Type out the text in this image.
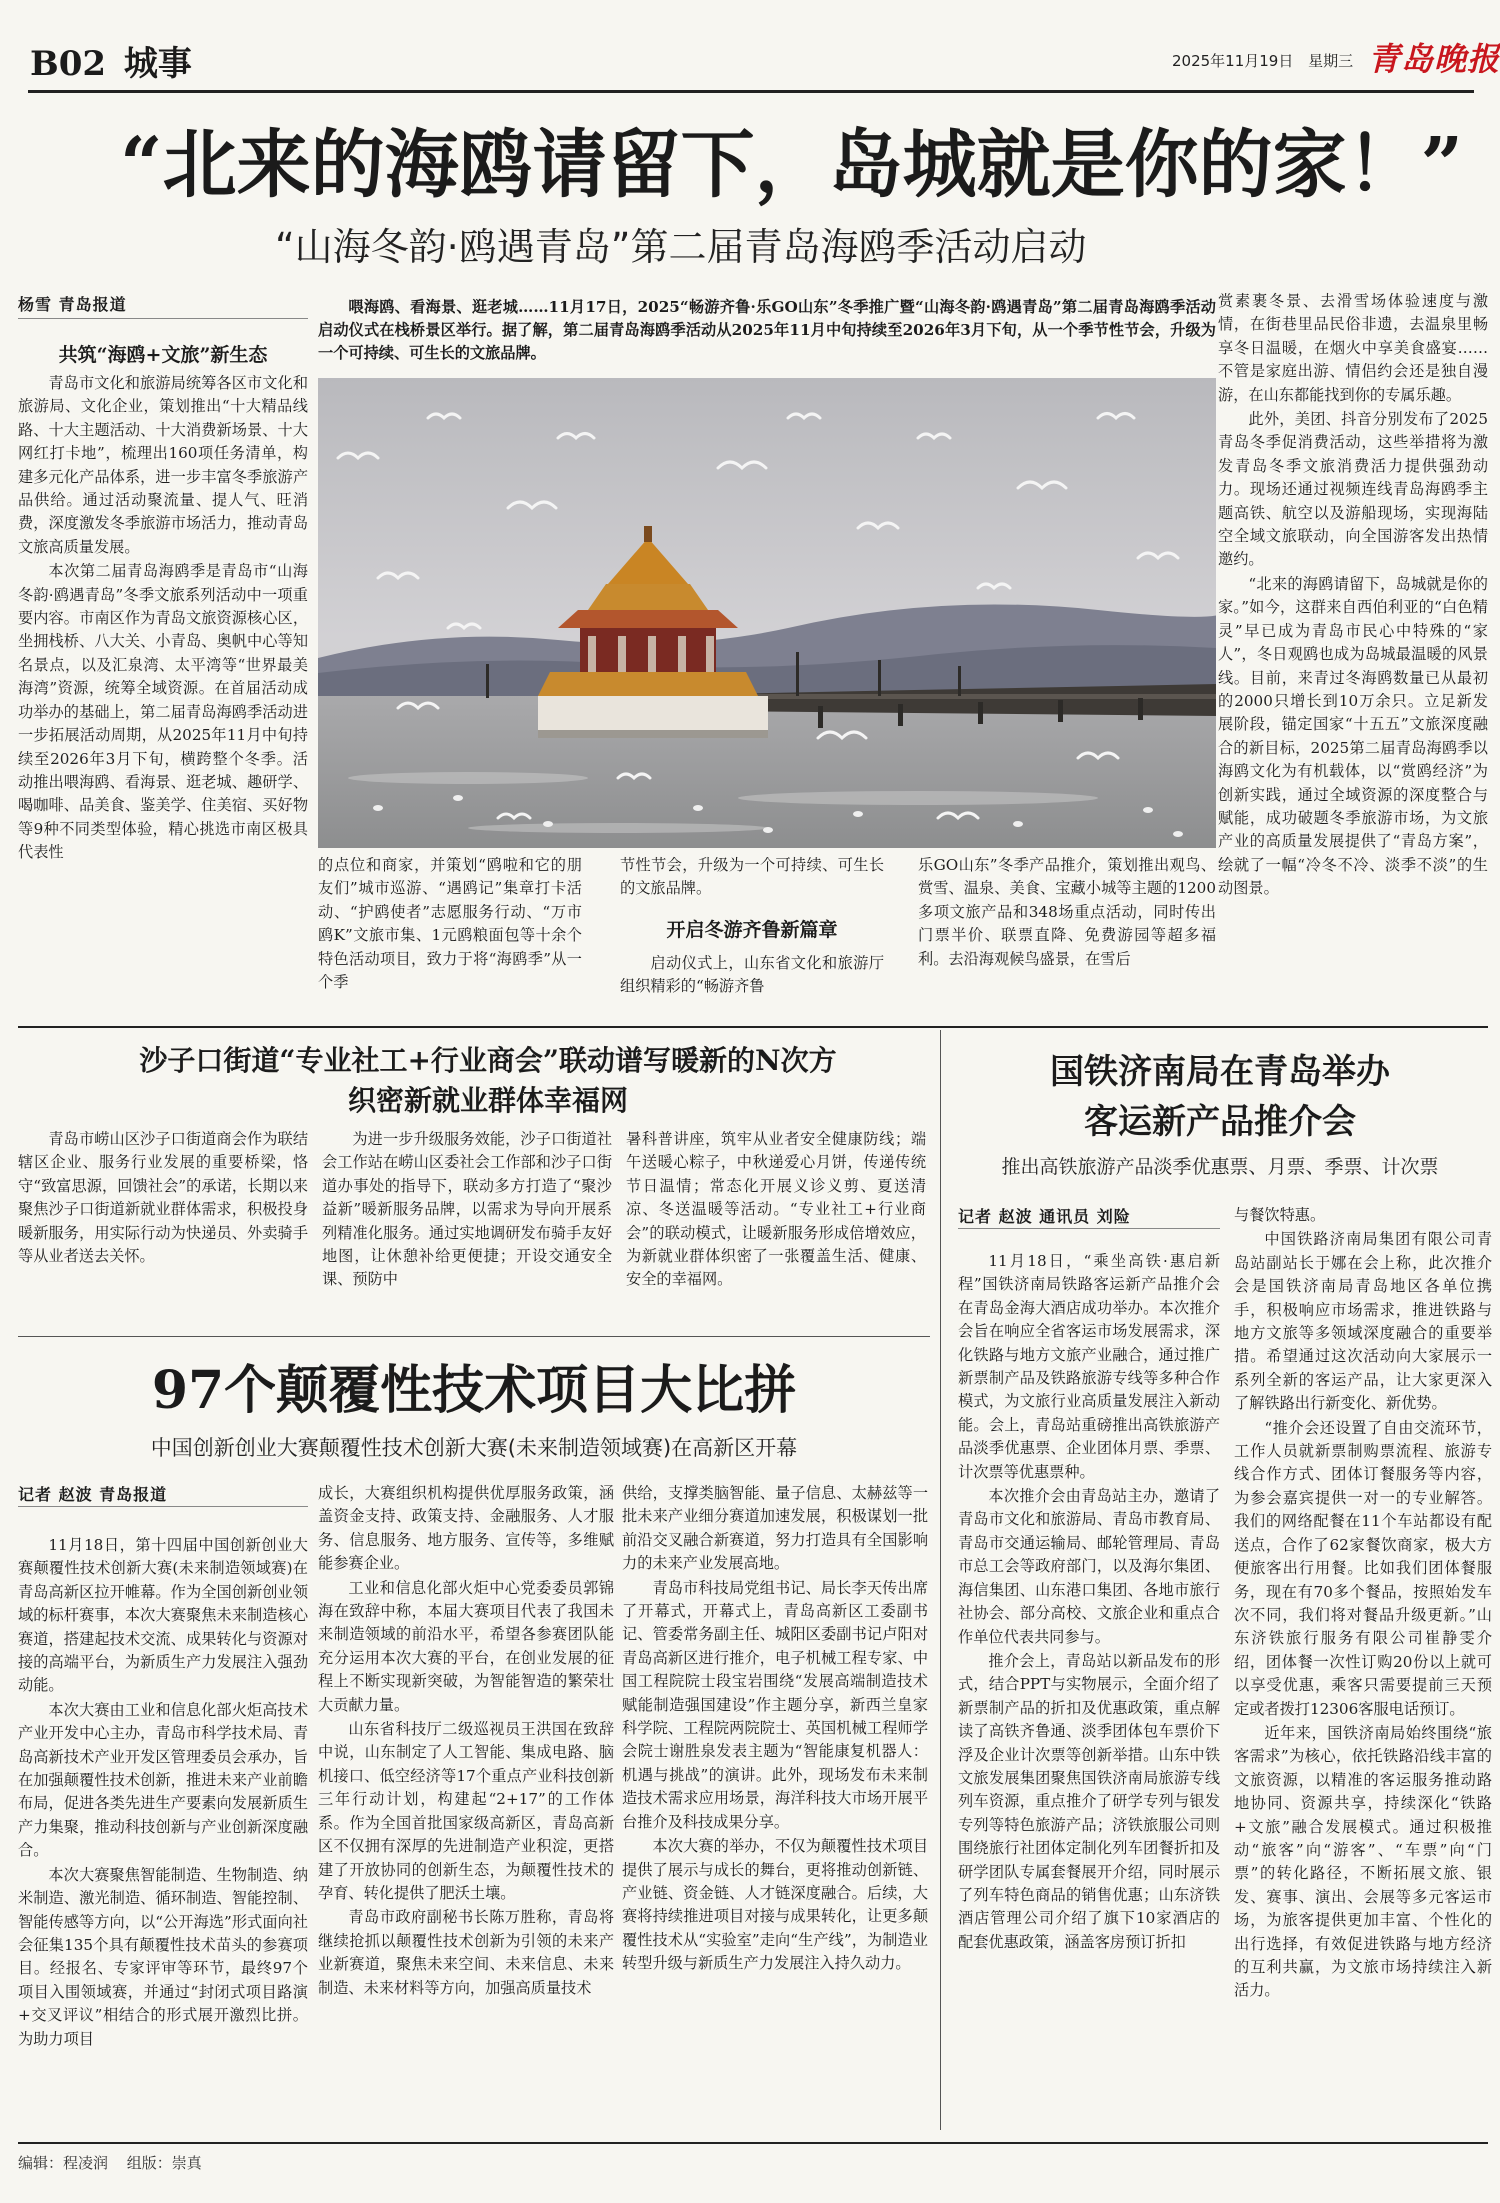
B02 城事	2025年11月19日 星期三 青岛晚报
“北来的海鸥请留下，岛城就是你的家！”
“山海冬韵·鸥遇青岛”第二届青岛海鸥季活动启动
杨雪 青岛报道
共筑“海鸥+文旅”新生态

青岛市文化和旅游局统筹各区市文化和旅游局、文化企业，策划推出“十大精品线路、十大主题活动、十大消费新场景、十大网红打卡地”，梳理出160项任务清单，构建多元化产品体系，进一步丰富冬季旅游产品供给。通过活动聚流量、提人气、旺消费，深度激发冬季旅游市场活力，推动青岛文旅高质量发展。

本次第二届青岛海鸥季是青岛市“山海冬韵·鸥遇青岛”冬季文旅系列活动中一项重要内容。市南区作为青岛文旅资源核心区，坐拥栈桥、八大关、小青岛、奥帆中心等知名景点，以及汇泉湾、太平湾等“世界最美海湾”资源，统筹全域资源。在首届活动成功举办的基础上，第二届青岛海鸥季活动进一步拓展活动周期，从2025年11月中旬持续至2026年3月下旬，横跨整个冬季。活动推出喂海鸥、看海景、逛老城、趣研学、喝咖啡、品美食、鉴美学、住美宿、买好物等9种不同类型体验，精心挑选市南区极具代表性

喂海鸥、看海景、逛老城……11月17日，2025“畅游齐鲁·乐GO山东”冬季推广暨“山海冬韵·鸥遇青岛”第二届青岛海鸥季活动启动仪式在栈桥景区举行。据了解，第二届青岛海鸥季活动从2025年11月中旬持续至2026年3月下旬，从一个季节性节会，升级为一个可持续、可生长的文旅品牌。

的点位和商家，并策划“鸥啦和它的朋友们”城市巡游、“遇鸥记”集章打卡活动、“护鸥使者”志愿服务行动、“万市鸥K”文旅市集、1元鸥粮面包等十余个特色活动项目，致力于将“海鸥季”从一个季

节性节会，升级为一个可持续、可生长的文旅品牌。

开启冬游齐鲁新篇章

启动仪式上，山东省文化和旅游厅组织精彩的“畅游齐鲁

乐GO山东”冬季产品推介，策划推出观鸟、赏雪、温泉、美食、宝藏小城等主题的1200多项文旅产品和348场重点活动，同时传出门票半价、联票直降、免费游园等超多福利。去沿海观候鸟盛景，在雪后

赏素裹冬景、去滑雪场体验速度与激情，在街巷里品民俗非遗，去温泉里畅享冬日温暖，在烟火中享美食盛宴……不管是家庭出游、情侣约会还是独自漫游，在山东都能找到你的专属乐趣。

此外，美团、抖音分别发布了2025青岛冬季促消费活动，这些举措将为激发青岛冬季文旅消费活力提供强劲动力。现场还通过视频连线青岛海鸥季主题高铁、航空以及游船现场，实现海陆空全域文旅联动，向全国游客发出热情邀约。

“北来的海鸥请留下，岛城就是你的家。”如今，这群来自西伯利亚的“白色精灵”早已成为青岛市民心中特殊的“家人”，冬日观鸥也成为岛城最温暖的风景线。目前，来青过冬海鸥数量已从最初的2000只增长到10万余只。立足新发展阶段，锚定国家“十五五”文旅深度融合的新目标，2025第二届青岛海鸥季以海鸥文化为有机载体，以“赏鸥经济”为创新实践，通过全域资源的深度整合与赋能，成功破题冬季旅游市场，为文旅产业的高质量发展提供了“青岛方案”，绘就了一幅“冷冬不冷、淡季不淡”的生动图景。

沙子口街道“专业社工+行业商会”联动谱写暖新的N次方
织密新就业群体幸福网

青岛市崂山区沙子口街道商会作为联结辖区企业、服务行业发展的重要桥梁，恪守“致富思源，回馈社会”的承诺，长期以来聚焦沙子口街道新就业群体需求，积极投身暖新服务，用实际行动为快递员、外卖骑手等从业者送去关怀。

为进一步升级服务效能，沙子口街道社会工作站在崂山区委社会工作部和沙子口街道办事处的指导下，联动多方打造了“聚沙益新”暖新服务品牌，以需求为导向开展系列精准化服务。通过实地调研发布骑手友好地图，让休憩补给更便捷；开设交通安全课、预防中

暑科普讲座，筑牢从业者安全健康防线；端午送暖心粽子，中秋递爱心月饼，传递传统节日温情；常态化开展义诊义剪、夏送清凉、冬送温暖等活动。“专业社工+行业商会”的联动模式，让暖新服务形成倍增效应，为新就业群体织密了一张覆盖生活、健康、安全的幸福网。

97个颠覆性技术项目大比拼
中国创新创业大赛颠覆性技术创新大赛(未来制造领域赛)在高新区开幕
记者 赵波 青岛报道

11月18日，第十四届中国创新创业大赛颠覆性技术创新大赛(未来制造领域赛)在青岛高新区拉开帷幕。作为全国创新创业领域的标杆赛事，本次大赛聚焦未来制造核心赛道，搭建起技术交流、成果转化与资源对接的高端平台，为新质生产力发展注入强劲动能。

本次大赛由工业和信息化部火炬高技术产业开发中心主办，青岛市科学技术局、青岛高新技术产业开发区管理委员会承办，旨在加强颠覆性技术创新，推进未来产业前瞻布局，促进各类先进生产要素向发展新质生产力集聚，推动科技创新与产业创新深度融合。

本次大赛聚焦智能制造、生物制造、纳米制造、激光制造、循环制造、智能控制、智能传感等方向，以“公开海选”形式面向社会征集135个具有颠覆性技术苗头的参赛项目。经报名、专家评审等环节，最终97个项目入围领域赛，并通过“封闭式项目路演+交叉评议”相结合的形式展开激烈比拼。为助力项目

成长，大赛组织机构提供优厚服务政策，涵盖资金支持、政策支持、金融服务、人才服务、信息服务、地方服务、宣传等，多维赋能参赛企业。

工业和信息化部火炬中心党委委员郭锦海在致辞中称，本届大赛项目代表了我国未来制造领域的前沿水平，希望各参赛团队能充分运用本次大赛的平台，在创业发展的征程上不断实现新突破，为智能智造的繁荣壮大贡献力量。

山东省科技厅二级巡视员王洪国在致辞中说，山东制定了人工智能、集成电路、脑机接口、低空经济等17个重点产业科技创新三年行动计划，构建起“2+17”的工作体系。作为全国首批国家级高新区，青岛高新区不仅拥有深厚的先进制造产业积淀，更搭建了开放协同的创新生态，为颠覆性技术的孕育、转化提供了肥沃土壤。

青岛市政府副秘书长陈万胜称，青岛将继续抢抓以颠覆性技术创新为引领的未来产业新赛道，聚焦未来空间、未来信息、未来制造、未来材料等方向，加强高质量技术

供给，支撑类脑智能、量子信息、太赫兹等一批未来产业细分赛道加速发展，积极谋划一批前沿交叉融合新赛道，努力打造具有全国影响力的未来产业发展高地。

青岛市科技局党组书记、局长李天传出席了开幕式，开幕式上，青岛高新区工委副书记、管委常务副主任、城阳区委副书记卢阳对青岛高新区进行推介，电子机械工程专家、中国工程院院士段宝岩围绕“发展高端制造技术 赋能制造强国建设”作主题分享，新西兰皇家科学院、工程院两院院士、英国机械工程师学会院士谢胜泉发表主题为“智能康复机器人：机遇与挑战”的演讲。此外，现场发布未来制造技术需求应用场景，海洋科技大市场开展平台推介及科技成果分享。

本次大赛的举办，不仅为颠覆性技术项目提供了展示与成长的舞台，更将推动创新链、产业链、资金链、人才链深度融合。后续，大赛将持续推进项目对接与成果转化，让更多颠覆性技术从“实验室”走向“生产线”，为制造业转型升级与新质生产力发展注入持久动力。

国铁济南局在青岛举办
客运新产品推介会
推出高铁旅游产品淡季优惠票、月票、季票、计次票
记者 赵波 通讯员 刘险

11月18日，“乘坐高铁·惠启新程”国铁济南局铁路客运新产品推介会在青岛金海大酒店成功举办。本次推介会旨在响应全省客运市场发展需求，深化铁路与地方文旅产业融合，通过推广新票制产品及铁路旅游专线等多种合作模式，为文旅行业高质量发展注入新动能。会上，青岛站重磅推出高铁旅游产品淡季优惠票、企业团体月票、季票、计次票等优惠票种。

本次推介会由青岛站主办，邀请了青岛市文化和旅游局、青岛市教育局、青岛市交通运输局、邮轮管理局、青岛市总工会等政府部门，以及海尔集团、海信集团、山东港口集团、各地市旅行社协会、部分高校、文旅企业和重点合作单位代表共同参与。

推介会上，青岛站以新品发布的形式，结合PPT与实物展示，全面介绍了新票制产品的折扣及优惠政策，重点解读了高铁齐鲁通、淡季团体包车票价下浮及企业计次票等创新举措。山东中铁文旅发展集团聚焦国铁济南局旅游专线列车资源，重点推介了研学专列与银发专列等特色旅游产品；济铁旅服公司则围绕旅行社团体定制化列车团餐折扣及研学团队专属套餐展开介绍，同时展示了列车特色商品的销售优惠；山东济铁酒店管理公司介绍了旗下10家酒店的配套优惠政策，涵盖客房预订折扣

与餐饮特惠。

中国铁路济南局集团有限公司青岛站副站长于娜在会上称，此次推介会是国铁济南局青岛地区各单位携手，积极响应市场需求，推进铁路与地方文旅等多领域深度融合的重要举措。希望通过这次活动向大家展示一系列全新的客运产品，让大家更深入了解铁路出行新变化、新优势。

“推介会还设置了自由交流环节，工作人员就新票制购票流程、旅游专线合作方式、团体订餐服务等内容，为参会嘉宾提供一对一的专业解答。我们的网络配餐在11个车站都设有配送点，合作了62家餐饮商家，极大方便旅客出行用餐。比如我们团体餐服务，现在有70多个餐品，按照始发车次不同，我们将对餐品升级更新。”山东济铁旅行服务有限公司崔静雯介绍，团体餐一次性订购20份以上就可以享受优惠，乘客只需要提前三天预定或者拨打12306客服电话预订。

近年来，国铁济南局始终围绕“旅客需求”为核心，依托铁路沿线丰富的文旅资源，以精准的客运服务推动路地协同、资源共享，持续深化“铁路+文旅”融合发展模式。通过积极推动“旅客”向“游客”、“车票”向“门票”的转化路径，不断拓展文旅、银发、赛事、演出、会展等多元客运市场，为旅客提供更加丰富、个性化的出行选择，有效促进铁路与地方经济的互利共赢，为文旅市场持续注入新活力。

编辑：程凌润 组版：崇真
